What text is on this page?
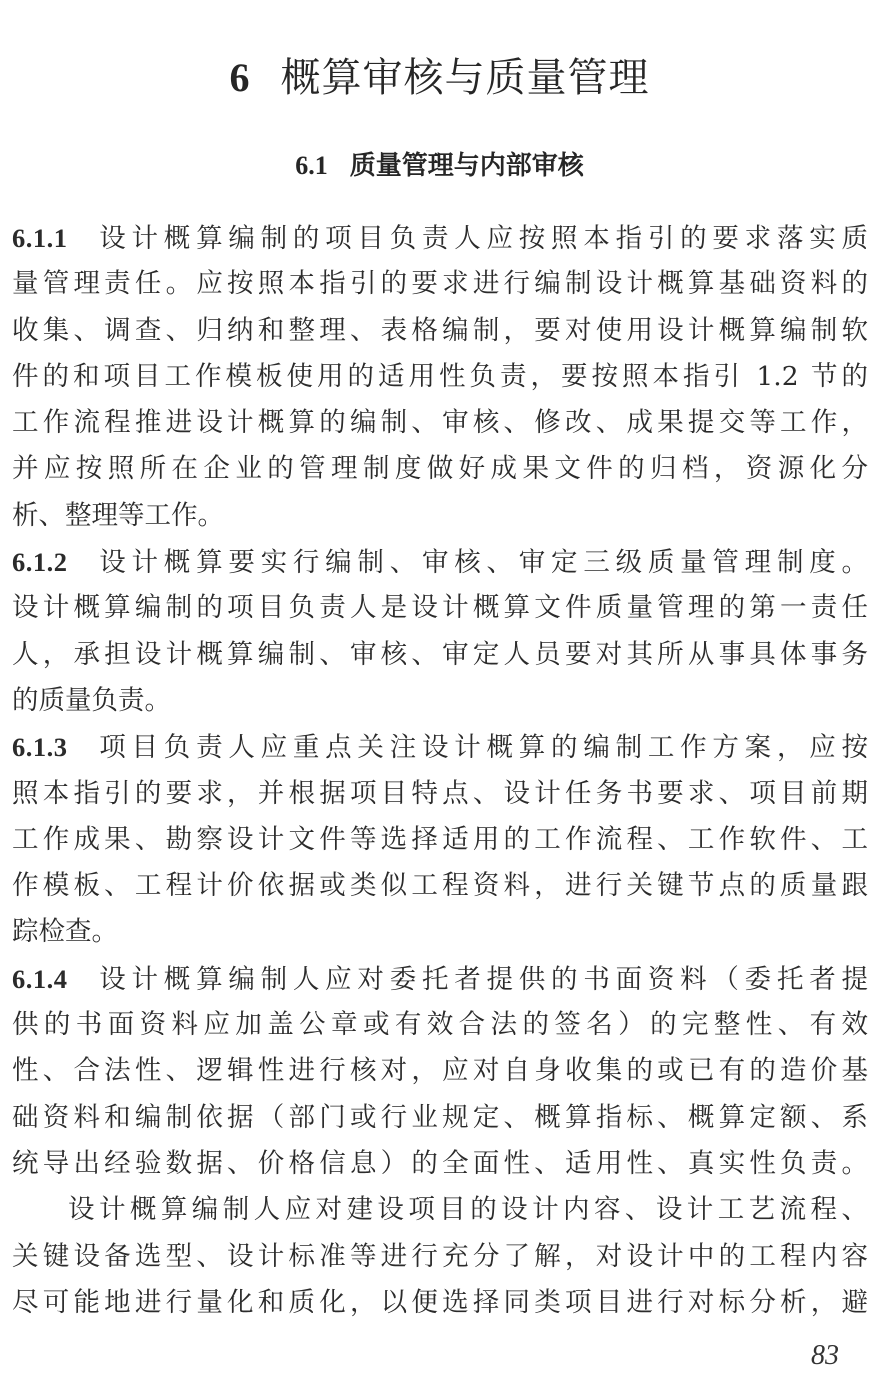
6 概算审核与质量管理
6.1 质量管理与内部审核
6.1.1 设计概算编制的项目负责人应按照本指引的要求落实质
量管理责任。应按照本指引的要求进行编制设计概算基础资料的
收集、调查、归纳和整理、表格编制，要对使用设计概算编制软
件的和项目工作模板使用的适用性负责，要按照本指引 1.2 节的
工作流程推进设计概算的编制、审核、修改、成果提交等工作，
并应按照所在企业的管理制度做好成果文件的归档，资源化分
析、整理等工作。
6.1.2 设计概算要实行编制、审核、审定三级质量管理制度。
设计概算编制的项目负责人是设计概算文件质量管理的第一责任
人，承担设计概算编制、审核、审定人员要对其所从事具体事务
的质量负责。
6.1.3 项目负责人应重点关注设计概算的编制工作方案，应按
照本指引的要求，并根据项目特点、设计任务书要求、项目前期
工作成果、勘察设计文件等选择适用的工作流程、工作软件、工
作模板、工程计价依据或类似工程资料，进行关键节点的质量跟
踪检查。
6.1.4 设计概算编制人应对委托者提供的书面资料（委托者提
供的书面资料应加盖公章或有效合法的签名）的完整性、有效
性、合法性、逻辑性进行核对，应对自身收集的或已有的造价基
础资料和编制依据（部门或行业规定、概算指标、概算定额、系
统导出经验数据、价格信息）的全面性、适用性、真实性负责。
设计概算编制人应对建设项目的设计内容、设计工艺流程、
关键设备选型、设计标准等进行充分了解，对设计中的工程内容
尽可能地进行量化和质化，以便选择同类项目进行对标分析，避
83
